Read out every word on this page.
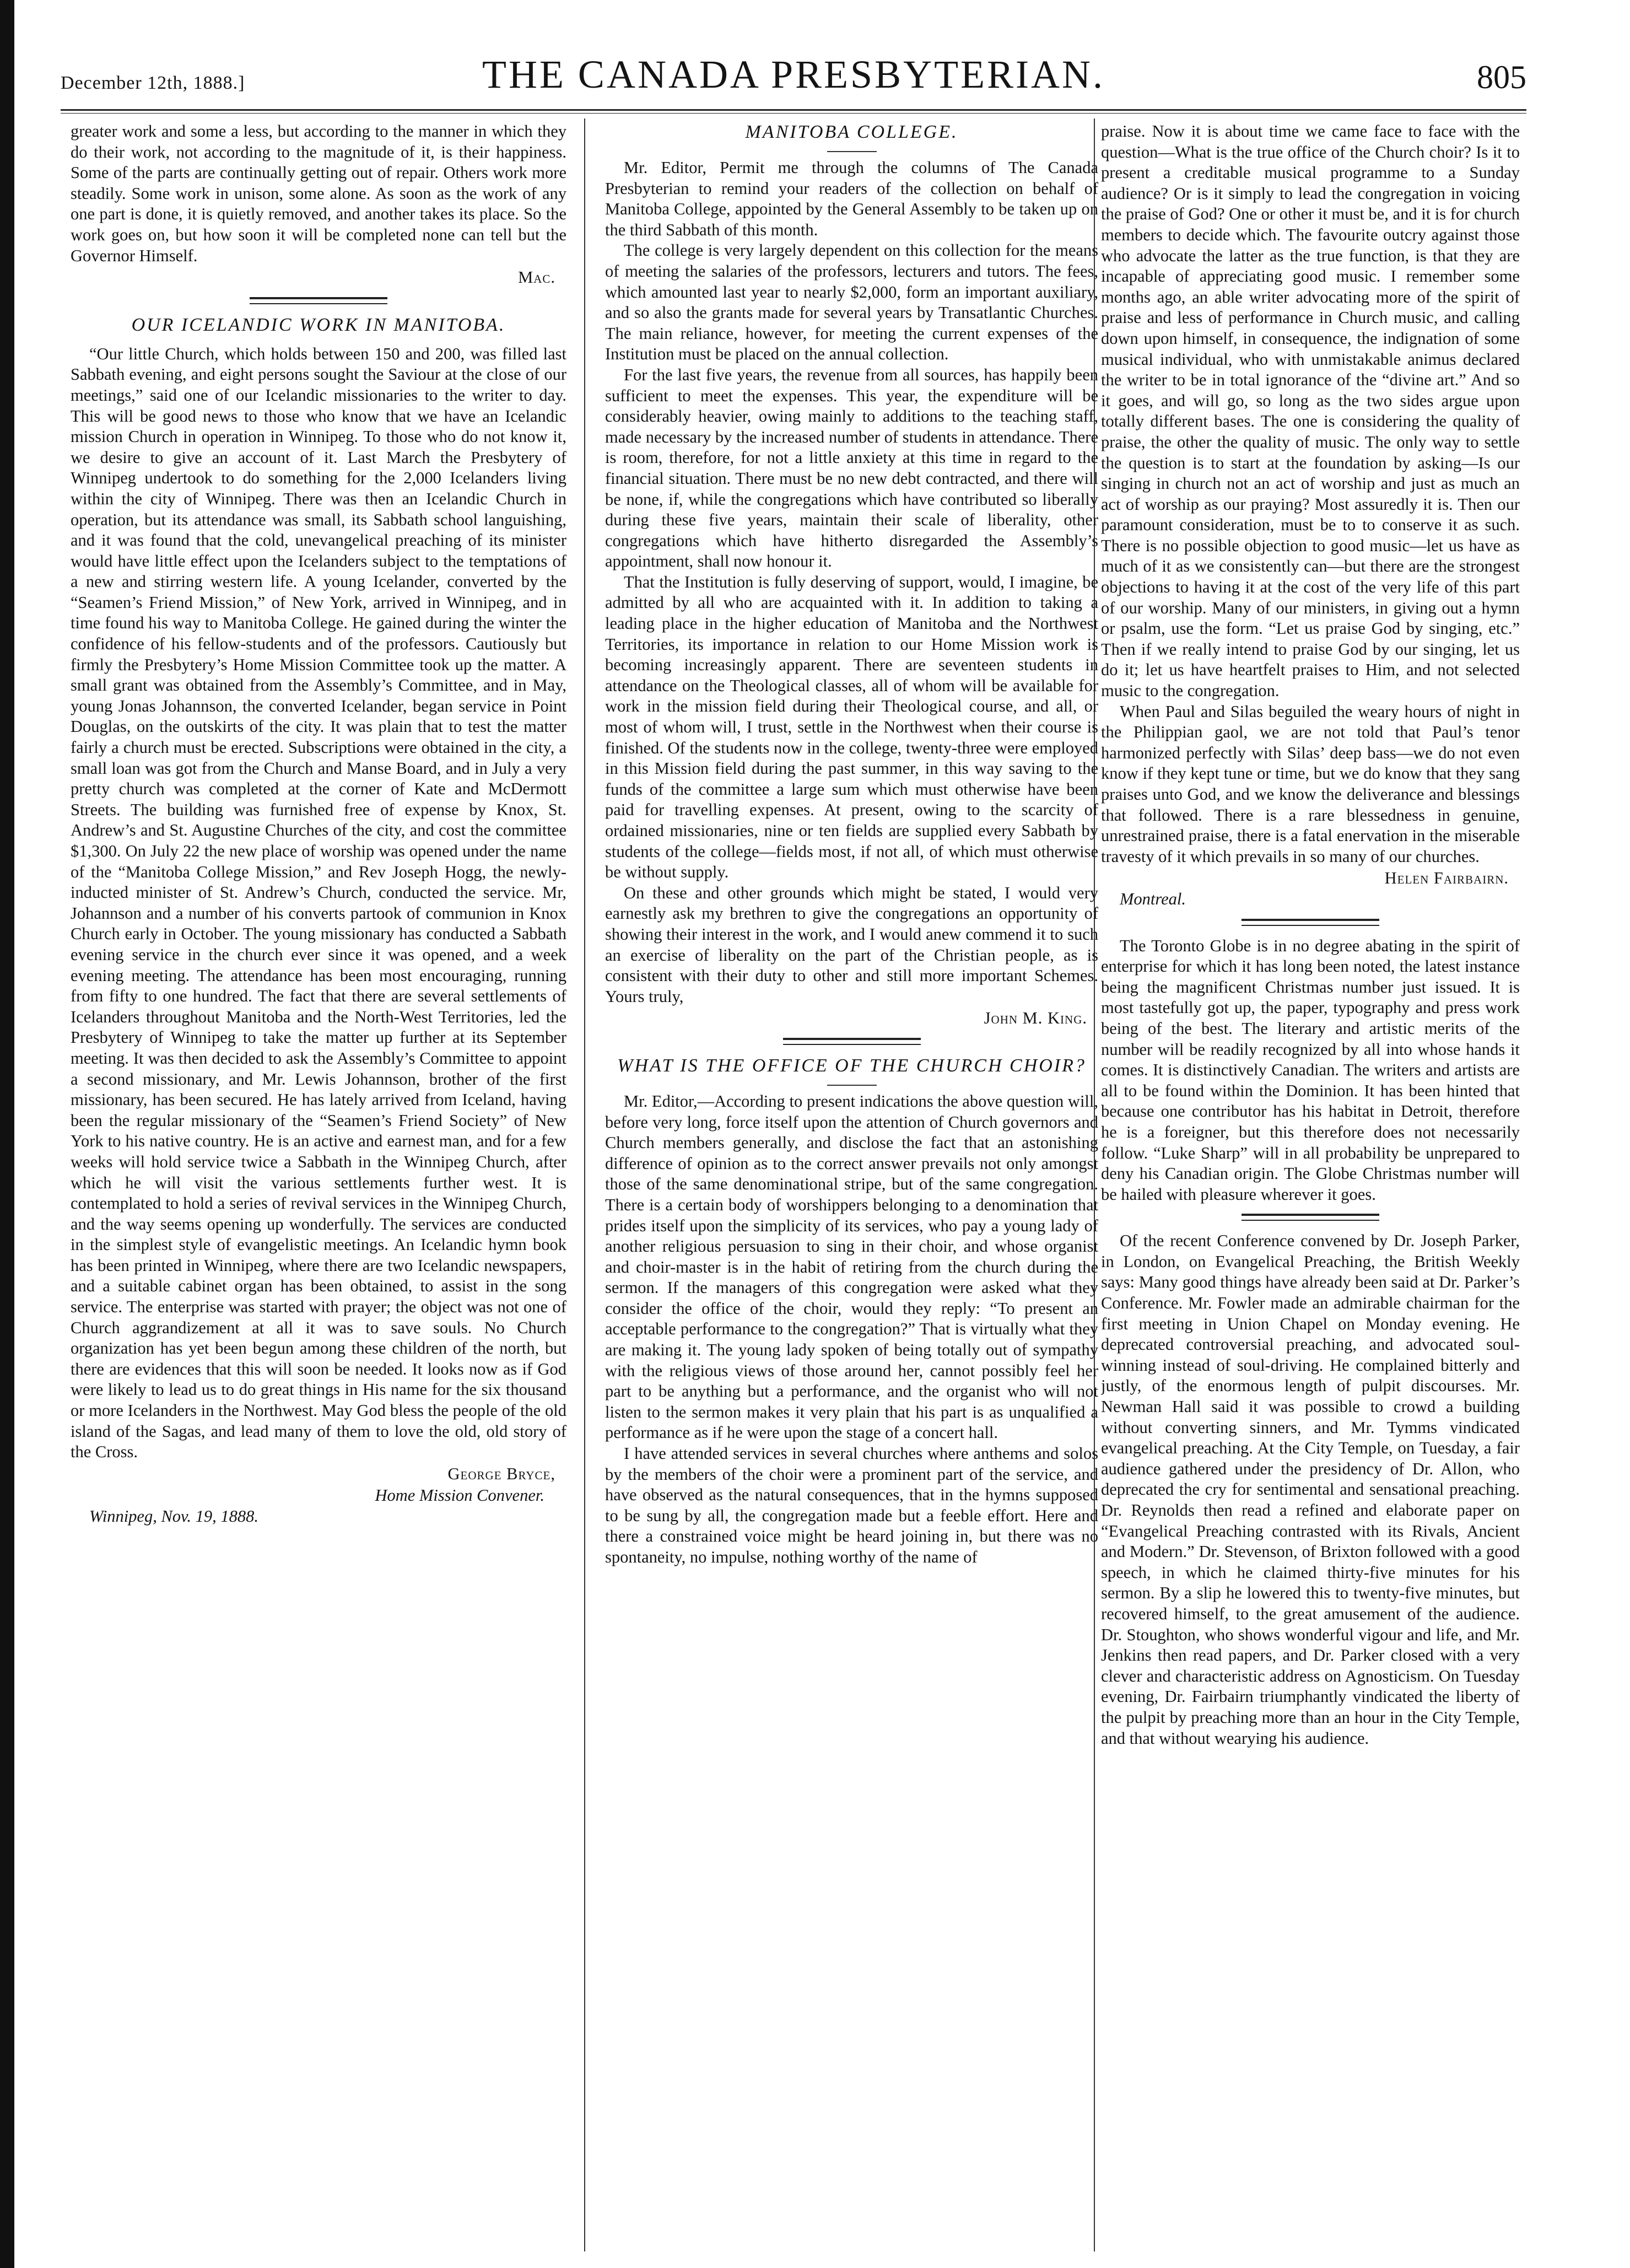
December 12th, 1888.]	THE CANADA PRESBYTERIAN.	805

greater work and some a less, but according to the manner in which they do their work, not according to the magnitude of it, is their happiness. Some of the parts are continually getting out of repair. Others work more steadily. Some work in unison, some alone. As soon as the work of any one part is done, it is quietly removed, and another takes its place. So the work goes on, but how soon it will be completed none can tell but the Governor Himself.

Mac.
OUR ICELANDIC WORK IN MANITOBA.

“Our little Church, which holds between 150 and 200, was filled last Sabbath evening, and eight persons sought the Saviour at the close of our meetings,” said one of our Icelandic missionaries to the writer to day. This will be good news to those who know that we have an Icelandic mission Church in operation in Winnipeg. To those who do not know it, we desire to give an account of it. Last March the Presbytery of Winnipeg undertook to do something for the 2,000 Icelanders living within the city of Winnipeg. There was then an Icelandic Church in operation, but its attendance was small, its Sabbath school languishing, and it was found that the cold, unevangelical preaching of its minister would have little effect upon the Icelanders subject to the temptations of a new and stirring western life. A young Icelander, converted by the “Seamen’s Friend Mission,” of New York, arrived in Winnipeg, and in time found his way to Manitoba College. He gained during the winter the confidence of his fellow-students and of the professors. Cautiously but firmly the Presbytery’s Home Mission Committee took up the matter. A small grant was obtained from the Assembly’s Committee, and in May, young Jonas Johannson, the converted Icelander, began service in Point Douglas, on the outskirts of the city. It was plain that to test the matter fairly a church must be erected. Subscriptions were obtained in the city, a small loan was got from the Church and Manse Board, and in July a very pretty church was completed at the corner of Kate and McDermott Streets. The building was furnished free of expense by Knox, St. Andrew’s and St. Augustine Churches of the city, and cost the committee $1,300. On July 22 the new place of worship was opened under the name of the “Manitoba College Mission,” and Rev Joseph Hogg, the newly-inducted minister of St. Andrew’s Church, conducted the service. Mr, Johannson and a number of his converts partook of communion in Knox Church early in October. The young missionary has conducted a Sabbath evening service in the church ever since it was opened, and a week evening meeting. The attendance has been most encouraging, running from fifty to one hundred. The fact that there are several settlements of Icelanders throughout Manitoba and the North-West Territories, led the Presbytery of Winnipeg to take the matter up further at its September meeting. It was then decided to ask the Assembly’s Committee to appoint a second missionary, and Mr. Lewis Johannson, brother of the first missionary, has been secured. He has lately arrived from Iceland, having been the regular missionary of the “Seamen’s Friend Society” of New York to his native country. He is an active and earnest man, and for a few weeks will hold service twice a Sabbath in the Winnipeg Church, after which he will visit the various settlements further west. It is contemplated to hold a series of revival services in the Winnipeg Church, and the way seems opening up wonderfully. The services are conducted in the simplest style of evangelistic meetings. An Icelandic hymn book has been printed in Winnipeg, where there are two Icelandic newspapers, and a suitable cabinet organ has been obtained, to assist in the song service. The enterprise was started with prayer; the object was not one of Church aggrandizement at all it was to save souls. No Church organization has yet been begun among these children of the north, but there are evidences that this will soon be needed. It looks now as if God were likely to lead us to do great things in His name for the six thousand or more Icelanders in the Northwest. May God bless the people of the old island of the Sagas, and lead many of them to love the old, old story of the Cross.

George Bryce,
Home Mission Convener.

Winnipeg, Nov. 19, 1888.

MANITOBA COLLEGE.

Mr. Editor, Permit me through the columns of The Canada Presbyterian to remind your readers of the collection on behalf of Manitoba College, appointed by the General Assembly to be taken up on the third Sabbath of this month.

The college is very largely dependent on this collection for the means of meeting the salaries of the professors, lecturers and tutors. The fees, which amounted last year to nearly $2,000, form an important auxiliary, and so also the grants made for several years by Transatlantic Churches. The main reliance, however, for meeting the current expenses of the Institution must be placed on the annual collection.

For the last five years, the revenue from all sources, has happily been sufficient to meet the expenses. This year, the expenditure will be considerably heavier, owing mainly to additions to the teaching staff, made necessary by the increased number of students in attendance. There is room, therefore, for not a little anxiety at this time in regard to the financial situation. There must be no new debt contracted, and there will be none, if, while the congregations which have contributed so liberally during these five years, maintain their scale of liberality, other congregations which have hitherto disregarded the Assembly’s appointment, shall now honour it.

That the Institution is fully deserving of support, would, I imagine, be admitted by all who are acquainted with it. In addition to taking a leading place in the higher education of Manitoba and the Northwest Territories, its importance in relation to our Home Mission work is becoming increasingly apparent. There are seventeen students in attendance on the Theological classes, all of whom will be available for work in the mission field during their Theological course, and all, or most of whom will, I trust, settle in the Northwest when their course is finished. Of the students now in the college, twenty-three were employed in this Mission field during the past summer, in this way saving to the funds of the committee a large sum which must otherwise have been paid for travelling expenses. At present, owing to the scarcity of ordained missionaries, nine or ten fields are supplied every Sabbath by students of the college—fields most, if not all, of which must otherwise be without supply.

On these and other grounds which might be stated, I would very earnestly ask my brethren to give the congregations an opportunity of showing their interest in the work, and I would anew commend it to such an exercise of liberality on the part of the Christian people, as is consistent with their duty to other and still more important Schemes. Yours truly,

John M. King.
WHAT IS THE OFFICE OF THE CHURCH CHOIR?

Mr. Editor,—According to present indications the above question will, before very long, force itself upon the attention of Church governors and Church members generally, and disclose the fact that an astonishing difference of opinion as to the correct answer prevails not only amongst those of the same denominational stripe, but of the same congregation. There is a certain body of worshippers belonging to a denomination that prides itself upon the simplicity of its services, who pay a young lady of another religious persuasion to sing in their choir, and whose organist and choir-master is in the habit of retiring from the church during the sermon. If the managers of this congregation were asked what they consider the office of the choir, would they reply: “To present an acceptable performance to the congregation?” That is virtually what they are making it. The young lady spoken of being totally out of sympathy with the religious views of those around her, cannot possibly feel her part to be anything but a performance, and the organist who will not listen to the sermon makes it very plain that his part is as unqualified a performance as if he were upon the stage of a concert hall.

I have attended services in several churches where anthems and solos by the members of the choir were a prominent part of the service, and have observed as the natural consequences, that in the hymns supposed to be sung by all, the congregation made but a feeble effort. Here and there a constrained voice might be heard joining in, but there was no spontaneity, no impulse, nothing worthy of the name of

praise. Now it is about time we came face to face with the question—What is the true office of the Church choir? Is it to present a creditable musical programme to a Sunday audience? Or is it simply to lead the congregation in voicing the praise of God? One or other it must be, and it is for church members to decide which. The favourite outcry against those who advocate the latter as the true function, is that they are incapable of appreciating good music. I remember some months ago, an able writer advocating more of the spirit of praise and less of performance in Church music, and calling down upon himself, in consequence, the indignation of some musical individual, who with unmistakable animus declared the writer to be in total ignorance of the “divine art.” And so it goes, and will go, so long as the two sides argue upon totally different bases. The one is considering the quality of praise, the other the quality of music. The only way to settle the question is to start at the foundation by asking—Is our singing in church not an act of worship and just as much an act of worship as our praying? Most assuredly it is. Then our paramount consideration, must be to to conserve it as such. There is no possible objection to good music—let us have as much of it as we consistently can—but there are the strongest objections to having it at the cost of the very life of this part of our worship. Many of our ministers, in giving out a hymn or psalm, use the form. “Let us praise God by singing, etc.” Then if we really intend to praise God by our singing, let us do it; let us have heartfelt praises to Him, and not selected music to the congregation.

When Paul and Silas beguiled the weary hours of night in the Philippian gaol, we are not told that Paul’s tenor harmonized perfectly with Silas’ deep bass—we do not even know if they kept tune or time, but we do know that they sang praises unto God, and we know the deliverance and blessings that followed. There is a rare blessedness in genuine, unrestrained praise, there is a fatal enervation in the miserable travesty of it which prevails in so many of our churches.

Helen Fairbairn.

Montreal.

The Toronto Globe is in no degree abating in the spirit of enterprise for which it has long been noted, the latest instance being the magnificent Christmas number just issued. It is most tastefully got up, the paper, typography and press work being of the best. The literary and artistic merits of the number will be readily recognized by all into whose hands it comes. It is distinctively Canadian. The writers and artists are all to be found within the Dominion. It has been hinted that because one contributor has his habitat in Detroit, therefore he is a foreigner, but this therefore does not necessarily follow. “Luke Sharp” will in all probability be unprepared to deny his Canadian origin. The Globe Christmas number will be hailed with pleasure wherever it goes.

Of the recent Conference convened by Dr. Joseph Parker, in London, on Evangelical Preaching, the British Weekly says: Many good things have already been said at Dr. Parker’s Conference. Mr. Fowler made an admirable chairman for the first meeting in Union Chapel on Monday evening. He deprecated controversial preaching, and advocated soul-winning instead of soul-driving. He complained bitterly and justly, of the enormous length of pulpit discourses. Mr. Newman Hall said it was possible to crowd a building without converting sinners, and Mr. Tymms vindicated evangelical preaching. At the City Temple, on Tuesday, a fair audience gathered under the presidency of Dr. Allon, who deprecated the cry for sentimental and sensational preaching. Dr. Reynolds then read a refined and elaborate paper on “Evangelical Preaching contrasted with its Rivals, Ancient and Modern.” Dr. Stevenson, of Brixton followed with a good speech, in which he claimed thirty-five minutes for his sermon. By a slip he lowered this to twenty-five minutes, but recovered himself, to the great amusement of the audience. Dr. Stoughton, who shows wonderful vigour and life, and Mr. Jenkins then read papers, and Dr. Parker closed with a very clever and characteristic address on Agnosticism. On Tuesday evening, Dr. Fairbairn triumphantly vindicated the liberty of the pulpit by preaching more than an hour in the City Temple, and that without wearying his audience.
